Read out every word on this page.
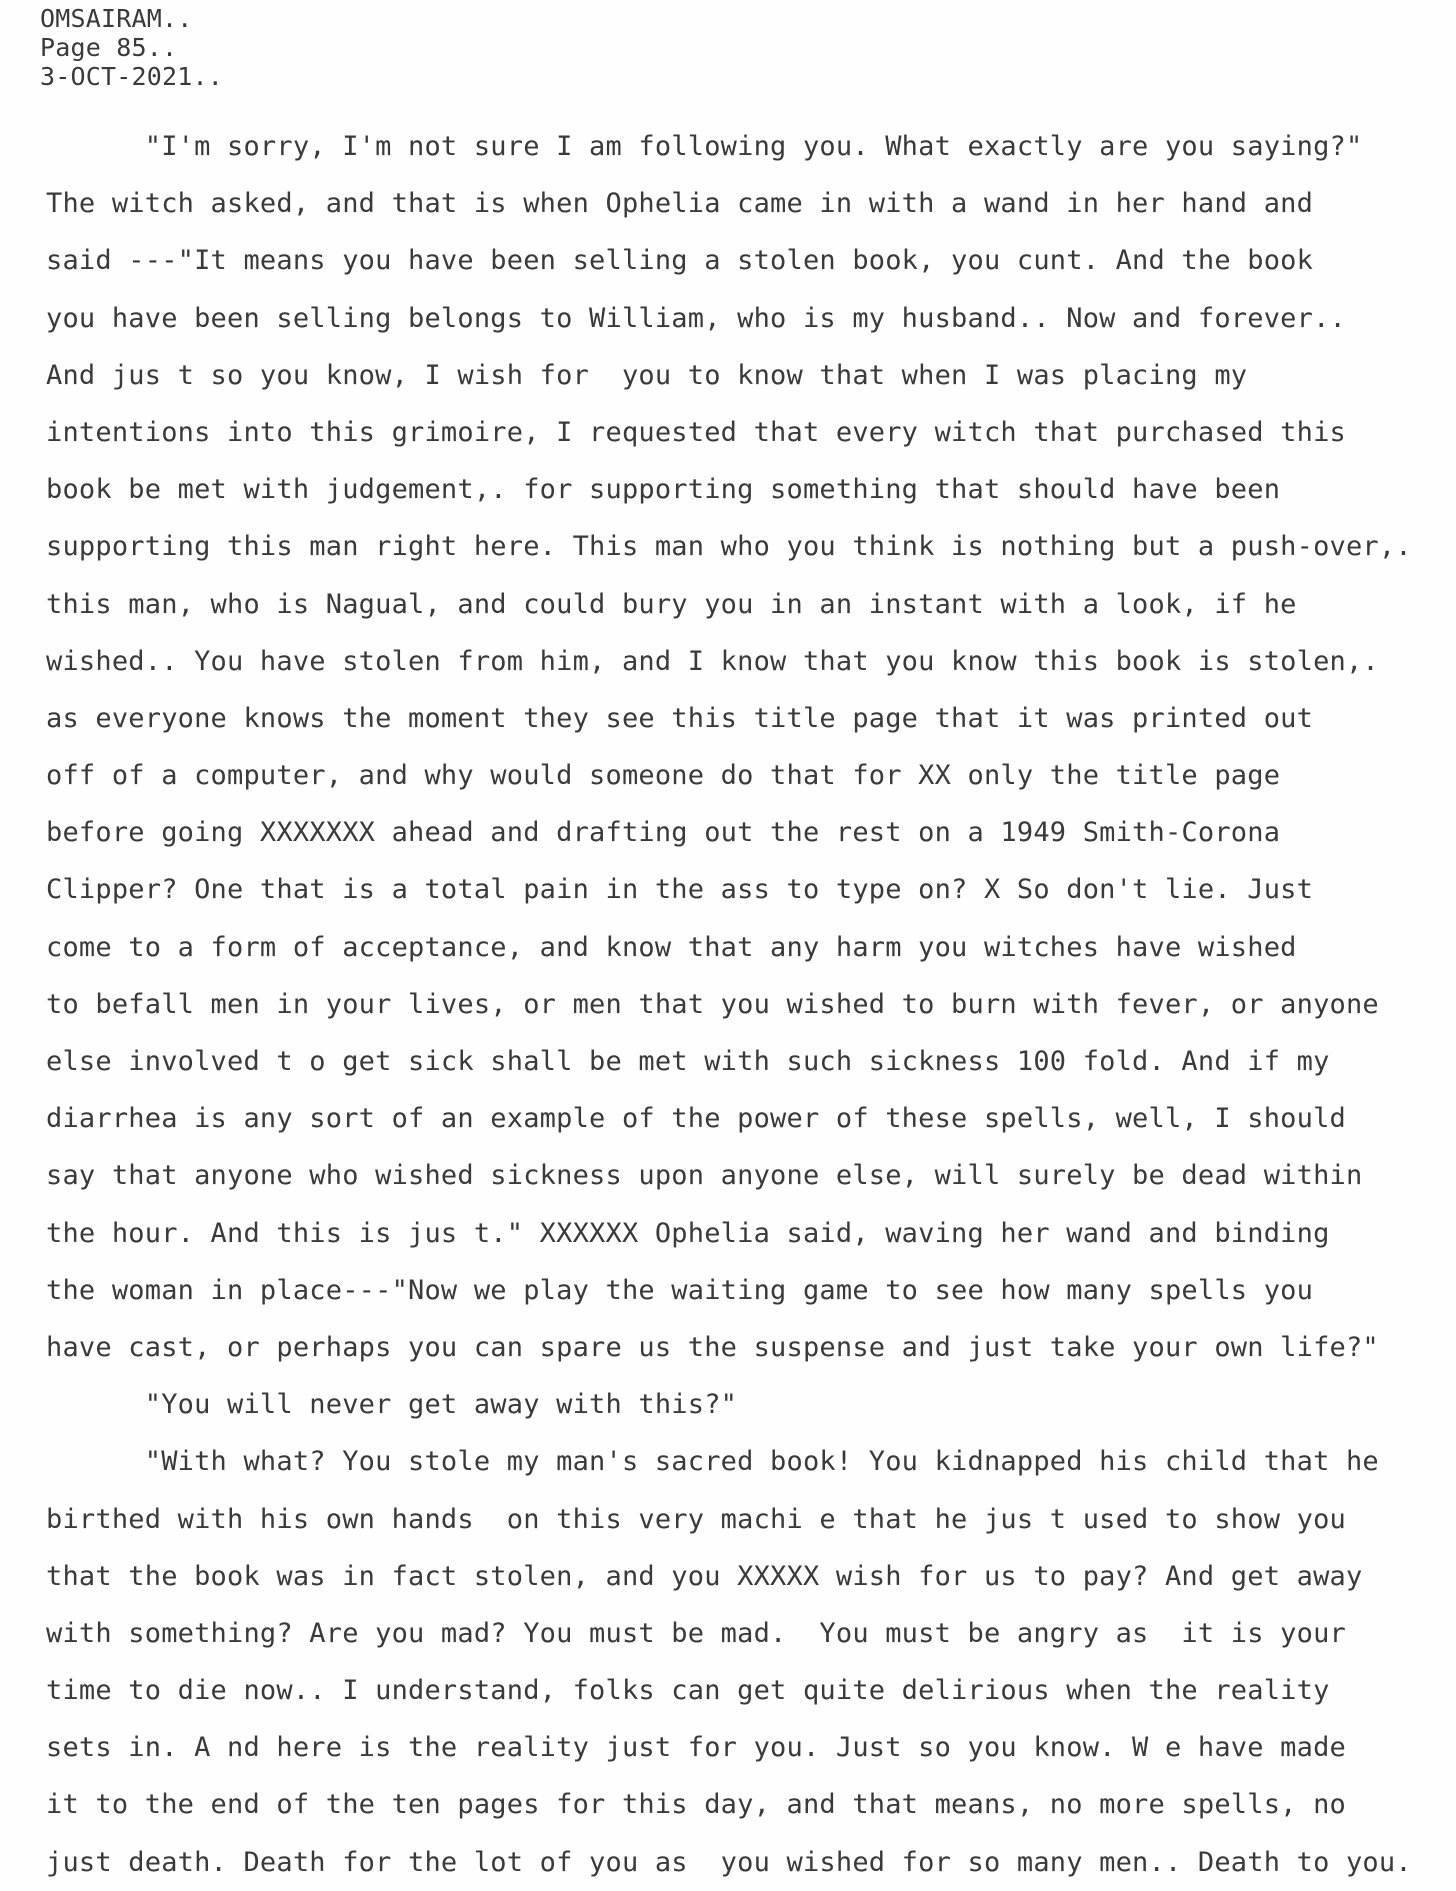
OMSAIRAM..
Page 85..
3-OCT-2021..
"I'm sorry, I'm not sure I am following you. What exactly are you saying?"
The witch asked, and that is when Ophelia came in with a wand in her hand and
said ---"It means you have been selling a stolen book, you cunt. And the book
you have been selling belongs to William, who is my husband.. Now and forever..
And jus t so you know, I wish for  you to know that when I was placing my
intentions into this grimoire, I requested that every witch that purchased this
book be met with judgement,. for supporting something that should have been
supporting this man right here. This man who you think is nothing but a push-over,.
this man, who is Nagual, and could bury you in an instant with a look, if he
wished.. You have stolen from him, and I know that you know this book is stolen,.
as everyone knows the moment they see this title page that it was printed out
off of a computer, and why would someone do that for XX only the title page
before going XXXXXXX ahead and drafting out the rest on a 1949 Smith-Corona
Clipper? One that is a total pain in the ass to type on? X So don't lie. Just
come to a form of acceptance, and know that any harm you witches have wished
to befall men in your lives, or men that you wished to burn with fever, or anyone
else involved t o get sick shall be met with such sickness 100 fold. And if my
diarrhea is any sort of an example of the power of these spells, well, I should
say that anyone who wished sickness upon anyone else, will surely be dead within
the hour. And this is jus t." XXXXXX Ophelia said, waving her wand and binding
the woman in place---"Now we play the waiting game to see how many spells you
have cast, or perhaps you can spare us the suspense and just take your own life?"
"You will never get away with this?"
"With what? You stole my man's sacred book! You kidnapped his child that he
birthed with his own hands  on this very machi e that he jus t used to show you
that the book was in fact stolen, and you XXXXX wish for us to pay? And get away
with something? Are you mad? You must be mad.  You must be angry as  it is your
time to die now.. I understand, folks can get quite delirious when the reality
sets in. A nd here is the reality just for you. Just so you know. W e have made
it to the end of the ten pages for this day, and that means, no more spells, no
just death. Death for the lot of you as  you wished for so many men.. Death to you.
